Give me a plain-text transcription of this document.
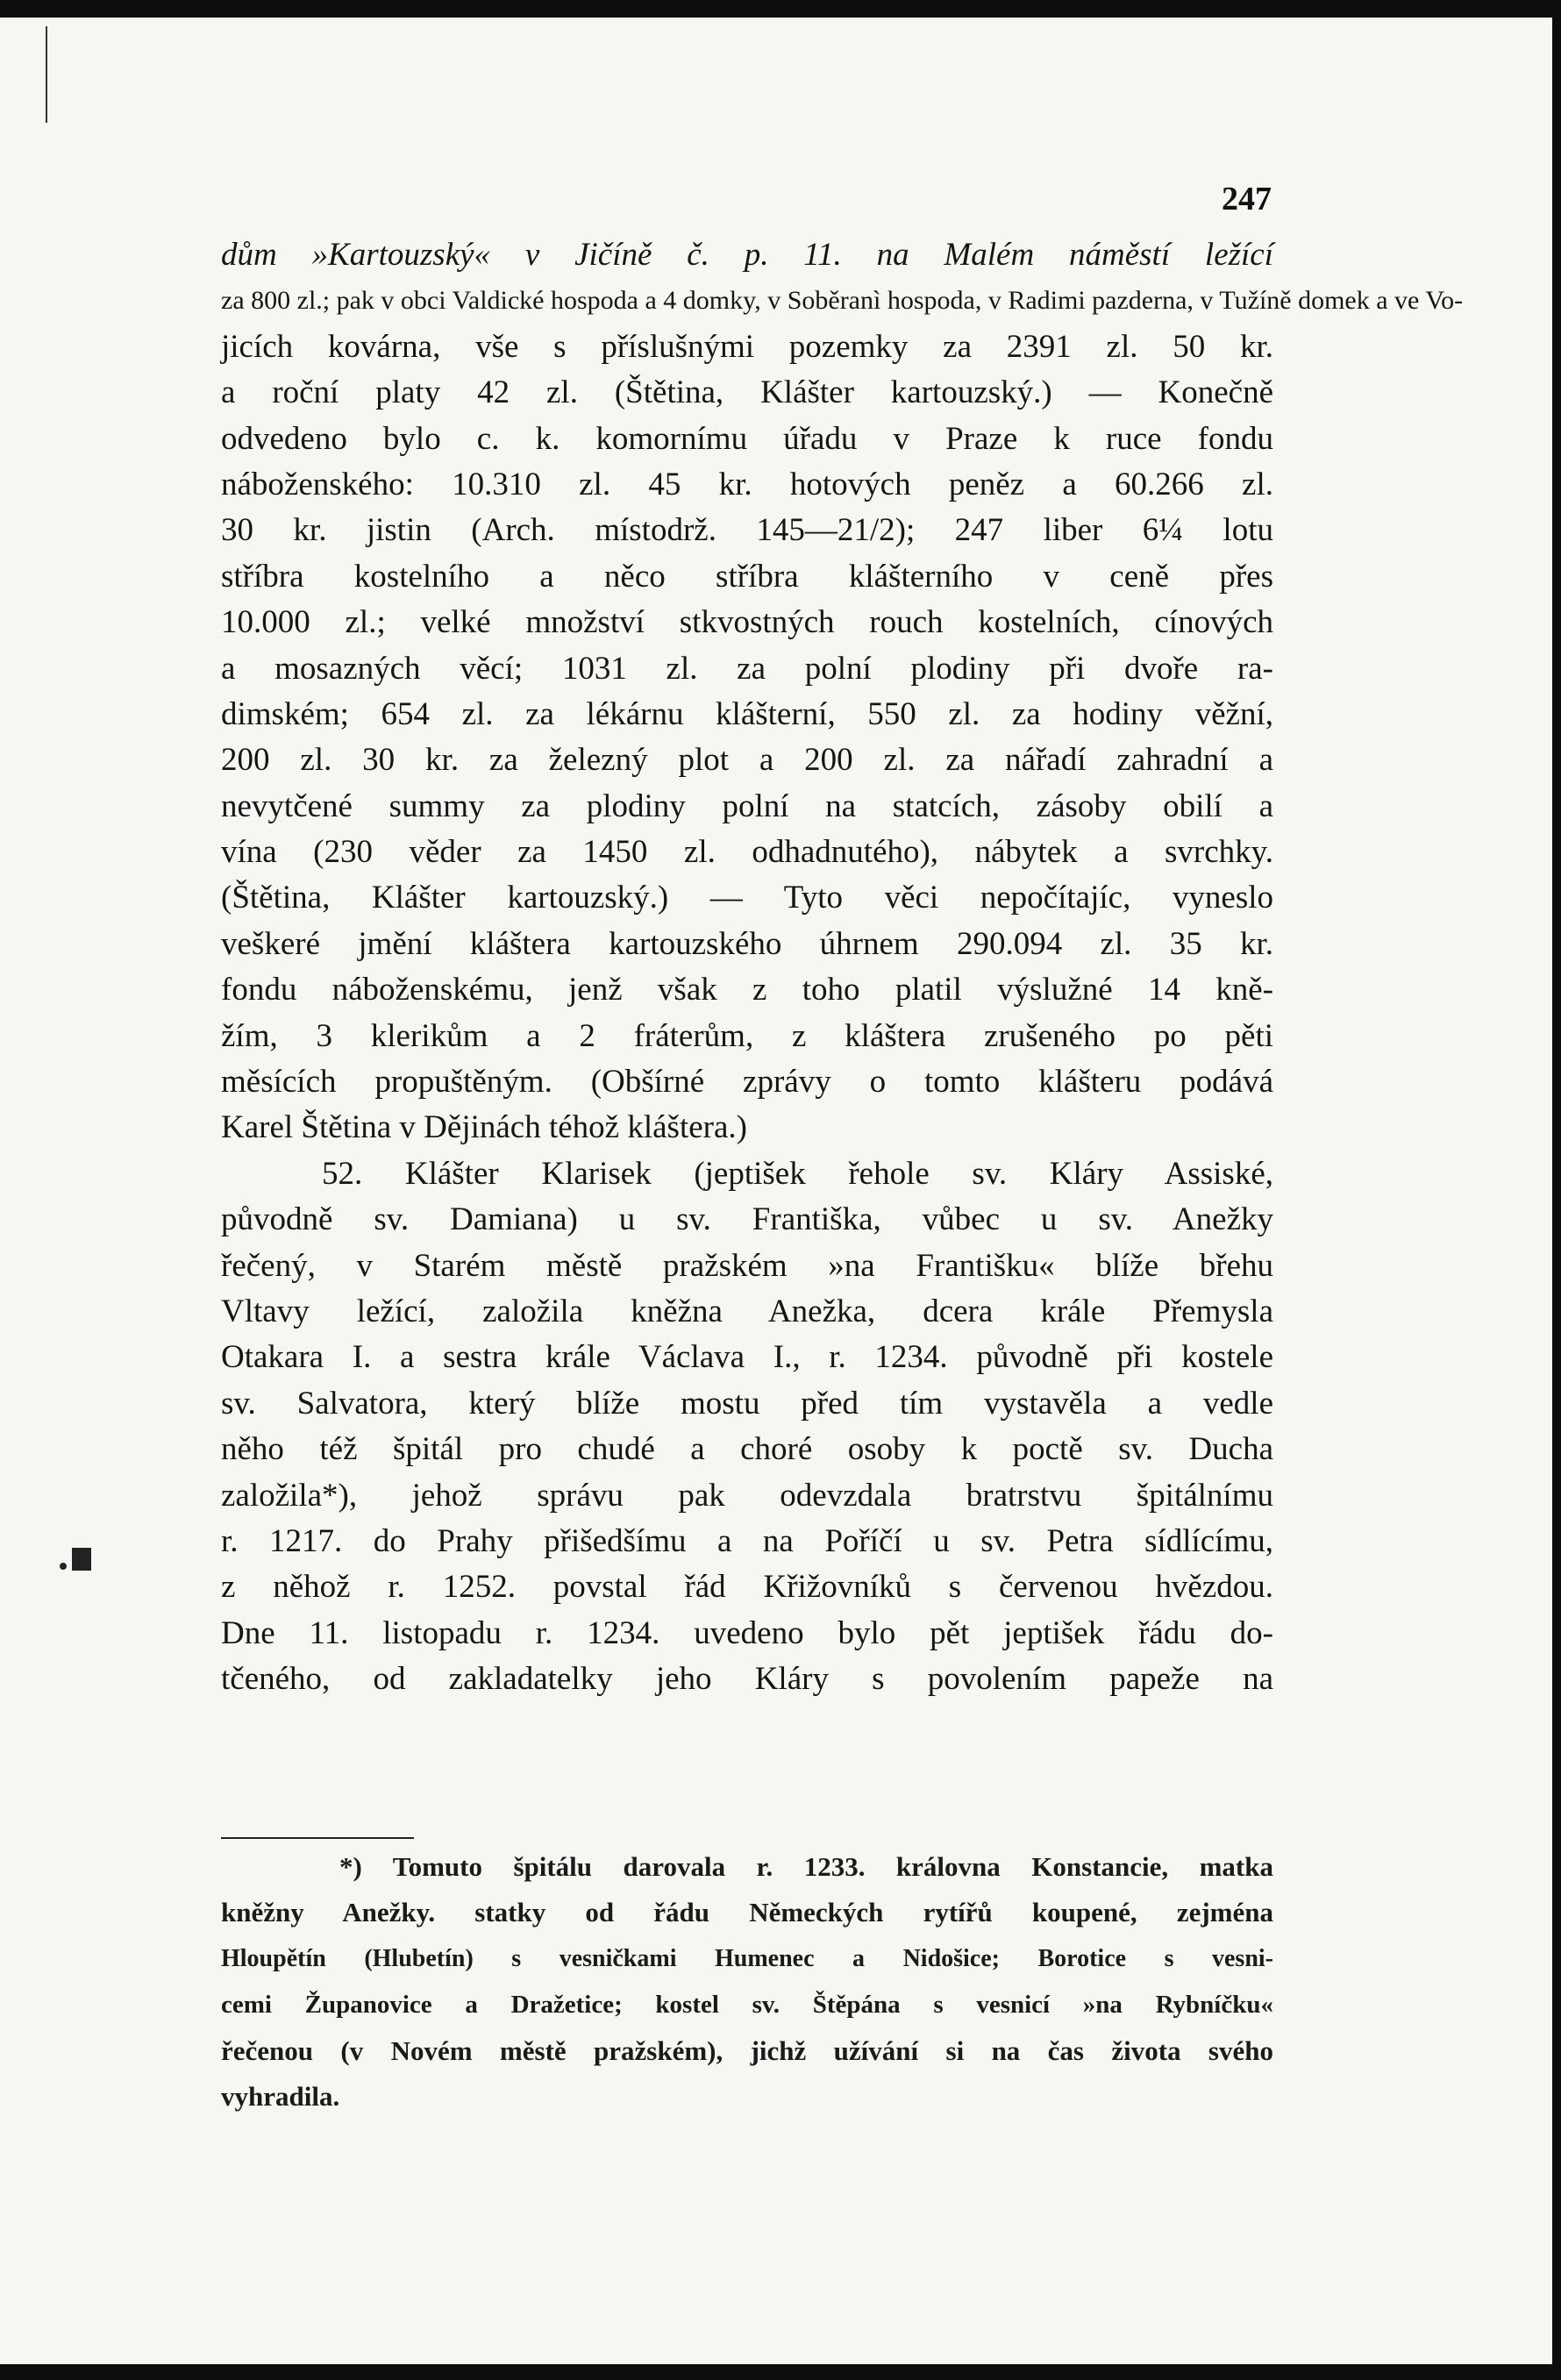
247
dům »Kartouzský« v Jičíně č. p. 11. na Malém náměstí ležící
za 800 zl.; pak v obci Valdické hospoda a 4 domky, v Soběranì hospoda, v Radimi pazderna, v Tužíně domek a ve Vo-
jicích kovárna, vše s příslušnými pozemky za 2391 zl. 50 kr.
a roční platy 42 zl. (Štětina, Klášter kartouzský.) — Konečně
odvedeno bylo c. k. komornímu úřadu v Praze k ruce fondu
náboženského: 10.310 zl. 45 kr. hotových peněz a 60.266 zl.
30 kr. jistin (Arch. místodrž. 145—21/2); 247 liber 6¼ lotu
stříbra kostelního a něco stříbra klášterního v ceně přes
10.000 zl.; velké množství stkvostných rouch kostelních, cínových
a mosazných věcí; 1031 zl. za polní plodiny při dvoře ra-
dimském; 654 zl. za lékárnu klášterní, 550 zl. za hodiny věžní,
200 zl. 30 kr. za železný plot a 200 zl. za nářadí zahradní a
nevytčené summy za plodiny polní na statcích, zásoby obilí a
vína (230 věder za 1450 zl. odhadnutého), nábytek a svrchky.
(Štětina, Klášter kartouzský.) — Tyto věci nepočítajíc, vyneslo
veškeré jmění kláštera kartouzského úhrnem 290.094 zl. 35 kr.
fondu náboženskému, jenž však z toho platil výslužné 14 kně-
žím, 3 klerikům a 2 fráterům, z kláštera zrušeného po pěti
měsících propuštěným. (Obšírné zprávy o tomto klášteru podává
Karel Štětina v Dějinách téhož kláštera.)
52. Klášter Klarisek (jeptišek řehole sv. Kláry Assiské,
původně sv. Damiana) u sv. Františka, vůbec u sv. Anežky
řečený, v Starém městě pražském »na Františku« blíže břehu
Vltavy ležící, založila kněžna Anežka, dcera krále Přemysla
Otakara I. a sestra krále Václava I., r. 1234. původně při kostele
sv. Salvatora, který blíže mostu před tím vystavěla a vedle
něho též špitál pro chudé a choré osoby k poctě sv. Ducha
založila*), jehož správu pak odevzdala bratrstvu špitálnímu
r. 1217. do Prahy přišedšímu a na Poříčí u sv. Petra sídlícímu,
z něhož r. 1252. povstal řád Křižovníků s červenou hvězdou.
Dne 11. listopadu r. 1234. uvedeno bylo pět jeptišek řádu do-
tčeného, od zakladatelky jeho Kláry s povolením papeže na
*) Tomuto špitálu darovala r. 1233. královna Konstancie, matka
kněžny Anežky. statky od řádu Německých rytířů koupené, zejména
Hloupětín (Hlubetín) s vesničkami Humenec a Nidošice; Borotice s vesni-
cemi Županovice a Dražetice; kostel sv. Štěpána s vesnicí »na Rybníčku«
řečenou (v Novém městě pražském), jichž užívání si na čas života svého
vyhradila.
